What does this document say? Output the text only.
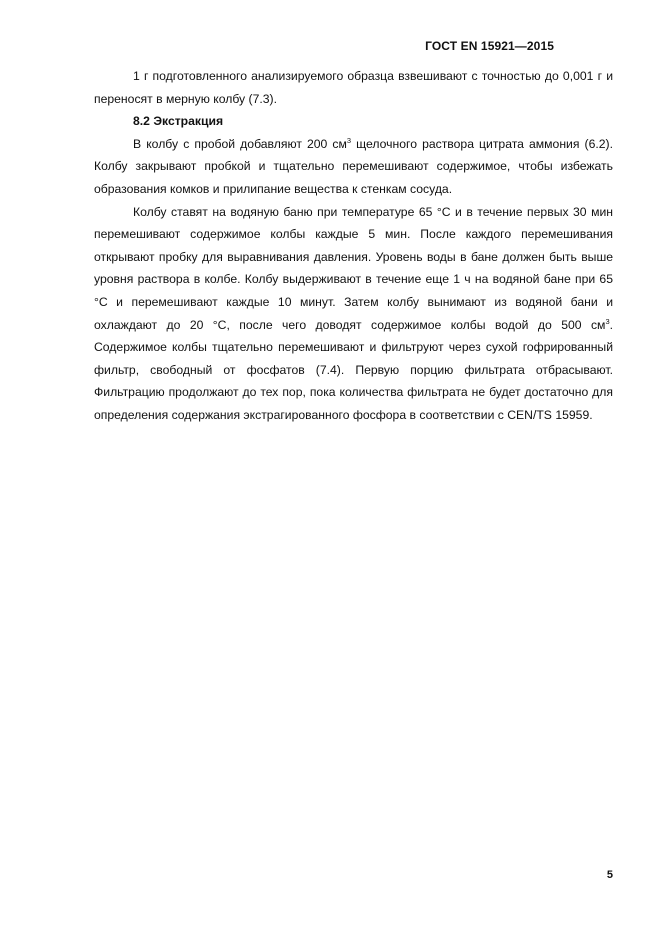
ГОСТ EN 15921—2015

1 г подготовленного анализируемого образца взвешивают с точностью до 0,001 г и переносят в мерную колбу (7.3).

8.2 Экстракция

В колбу с пробой добавляют 200 $см^3$ щелочного раствора цитрата аммония (6.2). Колбу закрывают пробкой и тщательно перемешивают содержимое, чтобы избежать образования комков и прилипание вещества к стенкам сосуда.

Колбу ставят на водяную баню при температуре 65 °С и в течение первых 30 мин перемешивают содержимое колбы каждые 5 мин. После каждого перемешивания открывают пробку для выравнивания давления. Уровень воды в бане должен быть выше уровня раствора в колбе. Колбу выдерживают в течение еще 1 ч на водяной бане при 65 °С и перемешивают каждые 10 минут. Затем колбу вынимают из водяной бани и охлаждают до 20 °С, после чего доводят содержимое колбы водой до 500 $см^3$. Содержимое колбы тщательно перемешивают и фильтруют через сухой гофрированный фильтр, свободный от фосфатов (7.4). Первую порцию фильтрата отбрасывают. Фильтрацию продолжают до тех пор, пока количества фильтрата не будет достаточно для определения содержания экстрагированного фосфора в соответствии с CEN/TS 15959.

5
